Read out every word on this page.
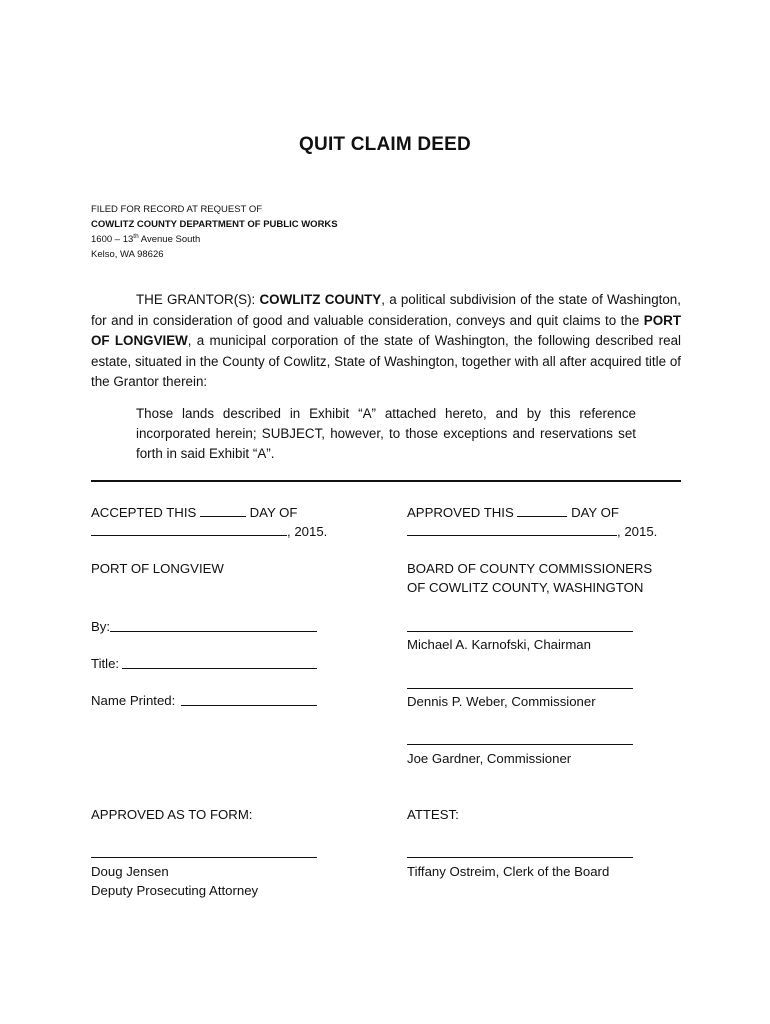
QUIT CLAIM DEED
FILED FOR RECORD AT REQUEST OF
COWLITZ COUNTY DEPARTMENT OF PUBLIC WORKS
1600 – 13th Avenue South
Kelso, WA 98626
THE GRANTOR(S): COWLITZ COUNTY, a political subdivision of the state of Washington, for and in consideration of good and valuable consideration, conveys and quit claims to the PORT OF LONGVIEW, a municipal corporation of the state of Washington, the following described real estate, situated in the County of Cowlitz, State of Washington, together with all after acquired title of the Grantor therein:
Those lands described in Exhibit “A” attached hereto, and by this reference incorporated herein; SUBJECT, however, to those exceptions and reservations set forth in said Exhibit “A”.
ACCEPTED THIS	DAY OF
, 2015.
PORT OF LONGVIEW
By:
Title:
Name Printed:
APPROVED AS TO FORM:
Doug Jensen
Deputy Prosecuting Attorney
APPROVED THIS	DAY OF
, 2015.
BOARD OF COUNTY COMMISSIONERS
OF COWLITZ COUNTY, WASHINGTON
Michael A. Karnofski, Chairman
Dennis P. Weber, Commissioner
Joe Gardner, Commissioner
ATTEST:
Tiffany Ostreim, Clerk of the Board
